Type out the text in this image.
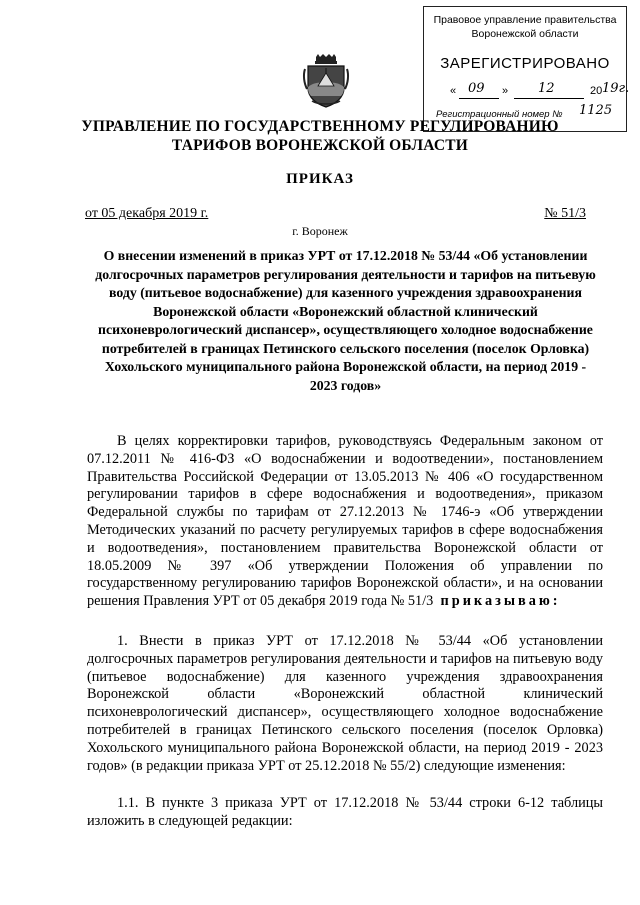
Правовое управление правительства
Воронежской области
ЗАРЕГИСТРИРОВАНО
« 09 » 12	20 19г.
Регистрационный номер № 1125
УПРАВЛЕНИЕ ПО ГОСУДАРСТВЕННОМУ РЕГУЛИРОВАНИЮ
ТАРИФОВ ВОРОНЕЖСКОЙ ОБЛАСТИ
ПРИКАЗ
от 05 декабря 2019 г.	№ 51/3
г. Воронеж
О внесении изменений в приказ УРТ от 17.12.2018 № 53/44 «Об установлении долгосрочных параметров регулирования деятельности и тарифов на питьевую воду (питьевое водоснабжение) для казенного учреждения здравоохранения Воронежской области «Воронежский областной клинический психоневрологический диспансер», осуществляющего холодное водоснабжение потребителей в границах Петинского сельского поселения (поселок Орловка) Хохольского муниципального района Воронежской области, на период 2019 - 2023 годов»

В целях корректировки тарифов, руководствуясь Федеральным законом от 07.12.2011 № 416-ФЗ «О водоснабжении и водоотведении», постановлением Правительства Российской Федерации от 13.05.2013 № 406 «О государственном регулировании тарифов в сфере водоснабжения и водоотведения», приказом Федеральной службы по тарифам от 27.12.2013 № 1746-э «Об утверждении Методических указаний по расчету регулируемых тарифов в сфере водоснабжения и водоотведения», постановлением правительства Воронежской области от 18.05.2009 № 397 «Об утверждении Положения об управлении по государственному регулированию тарифов Воронежской области», и на основании решения Правления УРТ от 05 декабря 2019 года № 51/3 приказываю:

1. Внести в приказ УРТ от 17.12.2018 № 53/44 «Об установлении долгосрочных параметров регулирования деятельности и тарифов на питьевую воду (питьевое водоснабжение) для казенного учреждения здравоохранения Воронежской области «Воронежский областной клинический психоневрологический диспансер», осуществляющего холодное водоснабжение потребителей в границах Петинского сельского поселения (поселок Орловка) Хохольского муниципального района Воронежской области, на период 2019 - 2023 годов» (в редакции приказа УРТ от 25.12.2018 № 55/2) следующие изменения:

1.1. В пункте 3 приказа УРТ от 17.12.2018 № 53/44 строки 6-12 таблицы изложить в следующей редакции:
